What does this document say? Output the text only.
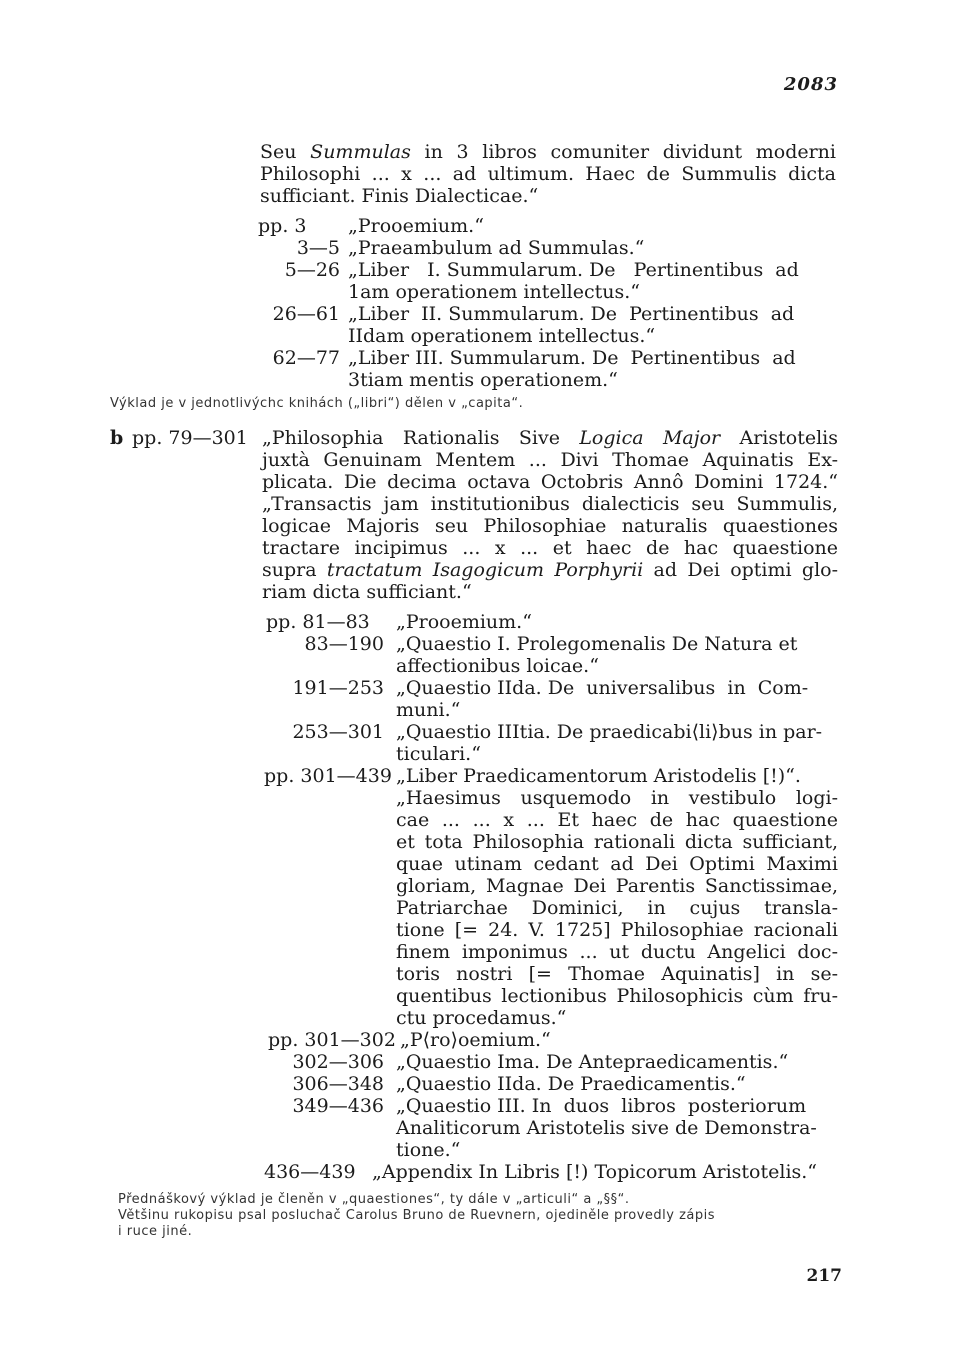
2083
Seu Summulas in 3 libros comuniter dividunt moderni
Philosophi ... x ... ad ultimum. Haec de Summulis dicta
sufficiant. Finis Dialecticae.“
pp. 3 „Prooemium.“
3—5 „Praeambulum ad Summulas.“
5—26 „Liber   I. Summularum. De   Pertinentibus  ad
1am operationem intellectus.“
26—61 „Liber  II. Summularum. De  Pertinentibus  ad
IIdam operationem intellectus.“
62—77 „Liber III. Summularum. De  Pertinentibus  ad
3tiam mentis operationem.“
Výklad je v jednotlivýchc knihách („libri“) dělen v „capita“.
b pp. 79—301 „Philosophia  Rationalis  Sive  Logica  Major  Aristotelis
juxtà Genuinam Mentem ... Divi Thomae Aquinatis Ex-
plicata. Die decima octava Octobris Annô Domini 1724.“
„Transactis jam institutionibus dialecticis seu Summulis,
logicae Majoris seu Philosophiae naturalis quaestiones
tractare incipimus ... x ... et haec de hac quaestione
supra tractatum Isagogicum Porphyrii ad Dei optimi glo-
riam dicta sufficiant.“
pp. 81—83 „Prooemium.“
83—190 „Quaestio I. Prolegomenalis De Natura et
affectionibus loicae.“
191—253 „Quaestio IIda. De  universalibus  in  Com-
muni.“
253—301 „Quaestio IIItia. De praedicabi⟨li⟩bus in par-
ticulari.“
pp. 301—439 „Liber Praedicamentorum Aristodelis [!)“.
„Haesimus usquemodo in vestibulo logi-
cae ... ... x ... Et haec de hac quaestione
et tota Philosophia rationali dicta sufficiant,
quae utinam cedant ad Dei Optimi Maximi
gloriam, Magnae Dei Parentis Sanctissimae,
Patriarchae Dominici, in cujus transla-
tione [= 24. V. 1725] Philosophiae racionali
finem imponimus ... ut ductu Angelici doc-
toris nostri [= Thomae Aquinatis] in se-
quentibus lectionibus Philosophicis cùm fru-
ctu procedamus.“
pp. 301—302 „P⟨ro⟩oemium.“
302—306 „Quaestio Ima. De Antepraedicamentis.“
306—348 „Quaestio IIda. De Praedicamentis.“
349—436 „Quaestio III. In  duos  libros  posteriorum
Analiticorum Aristotelis sive de Demonstra-
tione.“
436—439 „Appendix In Libris [!) Topicorum Aristotelis.“
Přednáškový výklad je členěn v „quaestiones“, ty dále v „articuli“ a „§§“.
Většinu rukopisu psal posluchač Carolus Bruno de Ruevnern, ojediněle provedly zápis
i ruce jiné.
217
